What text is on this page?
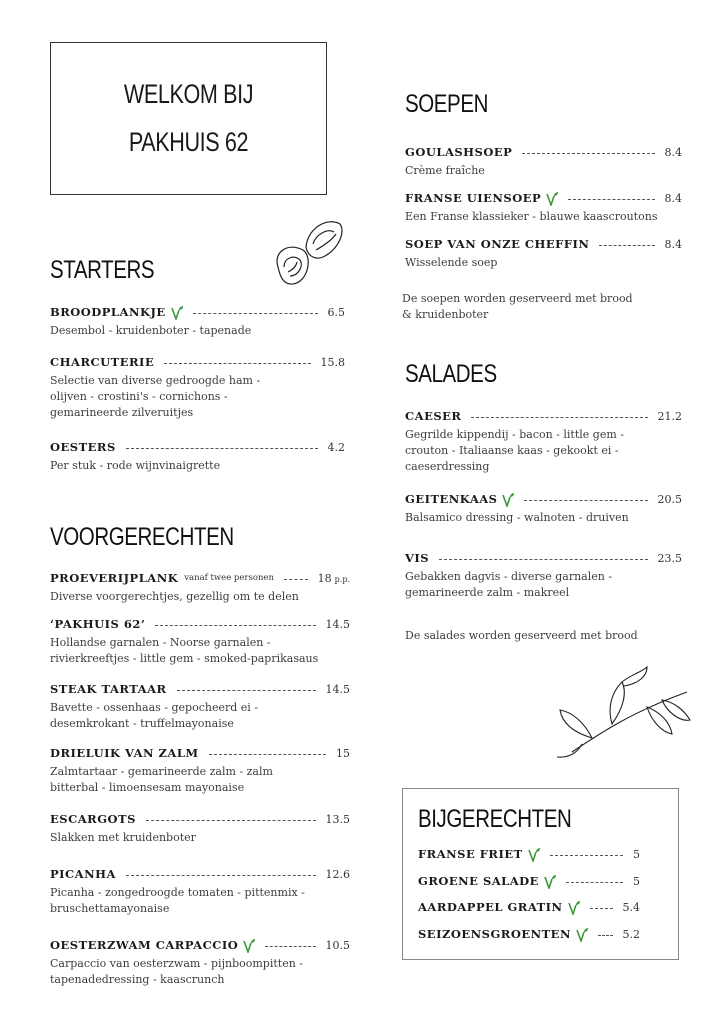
WELKOM BIJ
PAKHUIS 62
STARTERS
VOORGERECHTEN
SOEPEN
SALADES
BIJGERECHTEN
De soepen worden geserveerd met brood
& kruidenboter
De salades worden geserveerd met brood
BROODPLANKJE	6.5
Desembol - kruidenboter - tapenade
CHARCUTERIE	15.8
Selectie van diverse gedroogde ham -
olijven - crostini's - cornichons -
gemarineerde zilveruitjes
OESTERS	4.2
Per stuk - rode wijnvinaigrette
PROEVERIJPLANK vanaf twee personen	18 p.p.
Diverse voorgerechtjes, gezellig om te delen
‘PAKHUIS 62’	14.5
Hollandse garnalen - Noorse garnalen -
rivierkreeftjes - little gem - smoked-paprikasaus
STEAK TARTAAR	14.5
Bavette - ossenhaas - gepocheerd ei -
desemkrokant - truffelmayonaise
DRIELUIK VAN ZALM	15
Zalmtartaar - gemarineerde zalm - zalm
bitterbal - limoensesam mayonaise
ESCARGOTS	13.5
Slakken met kruidenboter
PICANHA	12.6
Picanha - zongedroogde tomaten - pittenmix -
bruschettamayonaise
OESTERZWAM CARPACCIO	10.5
Carpaccio van oesterzwam - pijnboompitten -
tapenadedressing - kaascrunch
GOULASHSOEP	8.4
Crème fraîche
FRANSE UIENSOEP	8.4
Een Franse klassieker - blauwe kaascroutons
SOEP VAN ONZE CHEFFIN	8.4
Wisselende soep
CAESER	21.2
Gegrilde kippendij - bacon - little gem -
crouton - Italiaanse kaas - gekookt ei -
caeserdressing
GEITENKAAS	20.5
Balsamico dressing - walnoten - druiven
VIS	23.5
Gebakken dagvis - diverse garnalen -
gemarineerde zalm - makreel
FRANSE FRIET	5
GROENE SALADE	5
AARDAPPEL GRATIN	5.4
SEIZOENSGROENTEN	5.2
